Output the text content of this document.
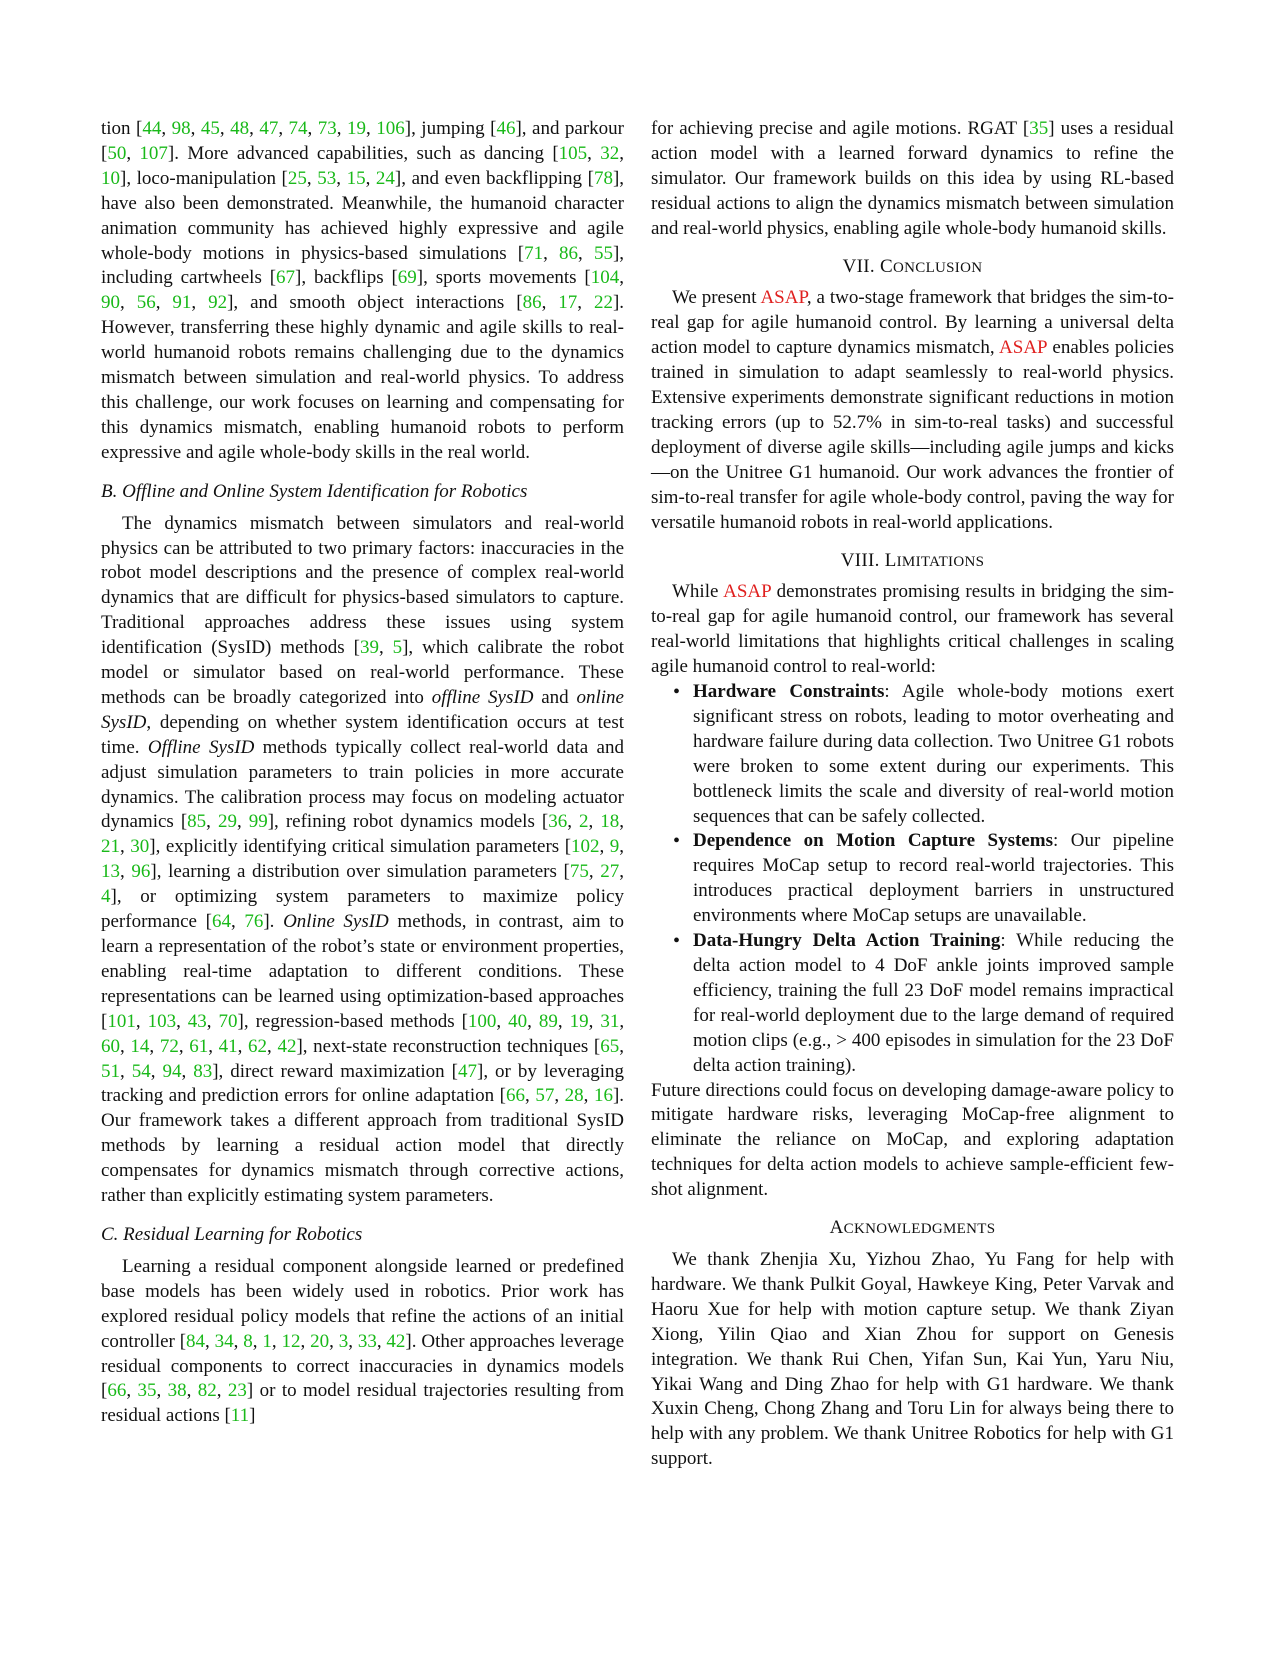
tion [44, 98, 45, 48, 47, 74, 73, 19, 106], jumping [46], and parkour [50, 107]. More advanced capabilities, such as dancing [105, 32, 10], loco-manipulation [25, 53, 15, 24], and even backflipping [78], have also been demonstrated. Meanwhile, the humanoid character animation community has achieved highly expressive and agile whole-body motions in physics-based simulations [71, 86, 55], including cartwheels [67], backflips [69], sports movements [104, 90, 56, 91, 92], and smooth object interactions [86, 17, 22]. However, transferring these highly dynamic and agile skills to real-world humanoid robots remains challenging due to the dynamics mismatch between simulation and real-world physics. To address this challenge, our work focuses on learning and compensating for this dynamics mismatch, enabling humanoid robots to perform expressive and agile whole-body skills in the real world.

B. Offline and Online System Identification for Robotics

The dynamics mismatch between simulators and real-world physics can be attributed to two primary factors: inaccuracies in the robot model descriptions and the presence of complex real-world dynamics that are difficult for physics-based simulators to capture. Traditional approaches address these issues using system identification (SysID) methods [39, 5], which calibrate the robot model or simulator based on real-world performance. These methods can be broadly categorized into offline SysID and online SysID, depending on whether system identification occurs at test time. Offline SysID methods typically collect real-world data and adjust simulation parameters to train policies in more accurate dynamics. The calibration process may focus on modeling actuator dynamics [85, 29, 99], refining robot dynamics models [36, 2, 18, 21, 30], explicitly identifying critical simulation parameters [102, 9, 13, 96], learning a distribution over simulation parameters [75, 27, 4], or optimizing system parameters to maximize policy performance [64, 76]. Online SysID methods, in contrast, aim to learn a representation of the robot’s state or environment properties, enabling real-time adaptation to different conditions. These representations can be learned using optimization-based approaches [101, 103, 43, 70], regression-based methods [100, 40, 89, 19, 31, 60, 14, 72, 61, 41, 62, 42], next-state reconstruction techniques [65, 51, 54, 94, 83], direct reward maximization [47], or by leveraging tracking and prediction errors for online adaptation [66, 57, 28, 16]. Our framework takes a different approach from traditional SysID methods by learning a residual action model that directly compensates for dynamics mismatch through corrective actions, rather than explicitly estimating system parameters.

C. Residual Learning for Robotics

Learning a residual component alongside learned or predefined base models has been widely used in robotics. Prior work has explored residual policy models that refine the actions of an initial controller [84, 34, 8, 1, 12, 20, 3, 33, 42]. Other approaches leverage residual components to correct inaccuracies in dynamics models [66, 35, 38, 82, 23] or to model residual trajectories resulting from residual actions [11]

for achieving precise and agile motions. RGAT [35] uses a residual action model with a learned forward dynamics to refine the simulator. Our framework builds on this idea by using RL-based residual actions to align the dynamics mismatch between simulation and real-world physics, enabling agile whole-body humanoid skills.

VII. CONCLUSION

We present ASAP, a two-stage framework that bridges the sim-to-real gap for agile humanoid control. By learning a universal delta action model to capture dynamics mismatch, ASAP enables policies trained in simulation to adapt seamlessly to real-world physics. Extensive experiments demonstrate significant reductions in motion tracking errors (up to 52.7% in sim-to-real tasks) and successful deployment of diverse agile skills—including agile jumps and kicks—on the Unitree G1 humanoid. Our work advances the frontier of sim-to-real transfer for agile whole-body control, paving the way for versatile humanoid robots in real-world applications.

VIII. LIMITATIONS

While ASAP demonstrates promising results in bridging the sim-to-real gap for agile humanoid control, our framework has several real-world limitations that highlights critical challenges in scaling agile humanoid control to real-world:

• Hardware Constraints: Agile whole-body motions exert significant stress on robots, leading to motor overheating and hardware failure during data collection. Two Unitree G1 robots were broken to some extent during our experiments. This bottleneck limits the scale and diversity of real-world motion sequences that can be safely collected.
• Dependence on Motion Capture Systems: Our pipeline requires MoCap setup to record real-world trajectories. This introduces practical deployment barriers in unstructured environments where MoCap setups are unavailable.
• Data-Hungry Delta Action Training: While reducing the delta action model to 4 DoF ankle joints improved sample efficiency, training the full 23 DoF model remains impractical for real-world deployment due to the large demand of required motion clips (e.g., > 400 episodes in simulation for the 23 DoF delta action training).

Future directions could focus on developing damage-aware policy to mitigate hardware risks, leveraging MoCap-free alignment to eliminate the reliance on MoCap, and exploring adaptation techniques for delta action models to achieve sample-efficient few-shot alignment.

ACKNOWLEDGMENTS

We thank Zhenjia Xu, Yizhou Zhao, Yu Fang for help with hardware. We thank Pulkit Goyal, Hawkeye King, Peter Varvak and Haoru Xue for help with motion capture setup. We thank Ziyan Xiong, Yilin Qiao and Xian Zhou for support on Genesis integration. We thank Rui Chen, Yifan Sun, Kai Yun, Yaru Niu, Yikai Wang and Ding Zhao for help with G1 hardware. We thank Xuxin Cheng, Chong Zhang and Toru Lin for always being there to help with any problem. We thank Unitree Robotics for help with G1 support.
